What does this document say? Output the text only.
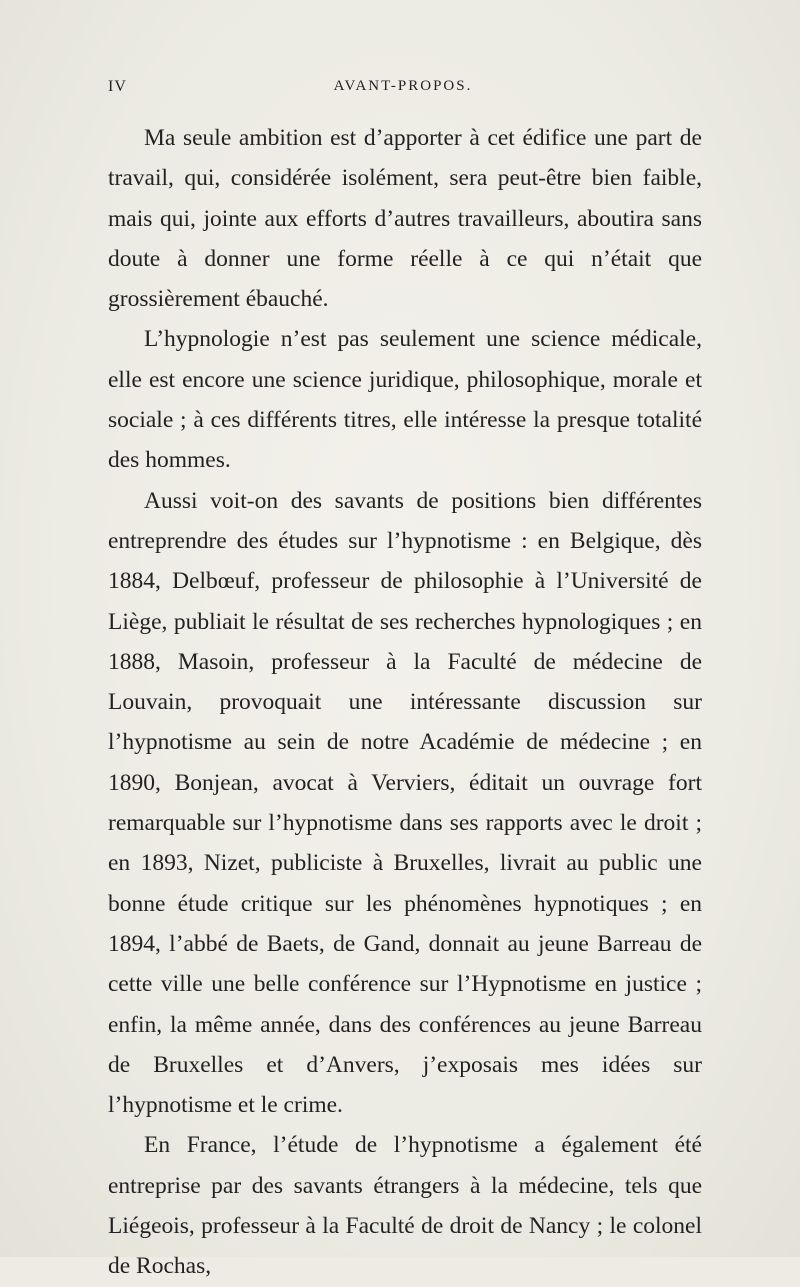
IV	AVANT-PROPOS.

Ma seule ambition est d’apporter à cet édifice une part de travail, qui, considérée isolément, sera peut-être bien faible, mais qui, jointe aux efforts d’autres travailleurs, aboutira sans doute à donner une forme réelle à ce qui n’était que grossièrement ébauché.

L’hypnologie n’est pas seulement une science médicale, elle est encore une science juridique, philosophique, morale et sociale ; à ces différents titres, elle intéresse la presque totalité des hommes.

Aussi voit-on des savants de positions bien différentes entreprendre des études sur l’hypnotisme : en Belgique, dès 1884, Delbœuf, professeur de philosophie à l’Université de Liège, publiait le résultat de ses recherches hypnologiques ; en 1888, Masoin, professeur à la Faculté de médecine de Louvain, provoquait une intéressante discussion sur l’hypnotisme au sein de notre Académie de médecine ; en 1890, Bonjean, avocat à Verviers, éditait un ouvrage fort remarquable sur l’hypnotisme dans ses rapports avec le droit ; en 1893, Nizet, publiciste à Bruxelles, livrait au public une bonne étude critique sur les phénomènes hypnotiques ; en 1894, l’abbé de Baets, de Gand, donnait au jeune Barreau de cette ville une belle conférence sur l’Hypnotisme en justice ; enfin, la même année, dans des conférences au jeune Barreau de Bruxelles et d’Anvers, j’exposais mes idées sur l’hypnotisme et le crime.

En France, l’étude de l’hypnotisme a également été entreprise par des savants étrangers à la médecine, tels que Liégeois, professeur à la Faculté de droit de Nancy ; le colonel de Rochas,
